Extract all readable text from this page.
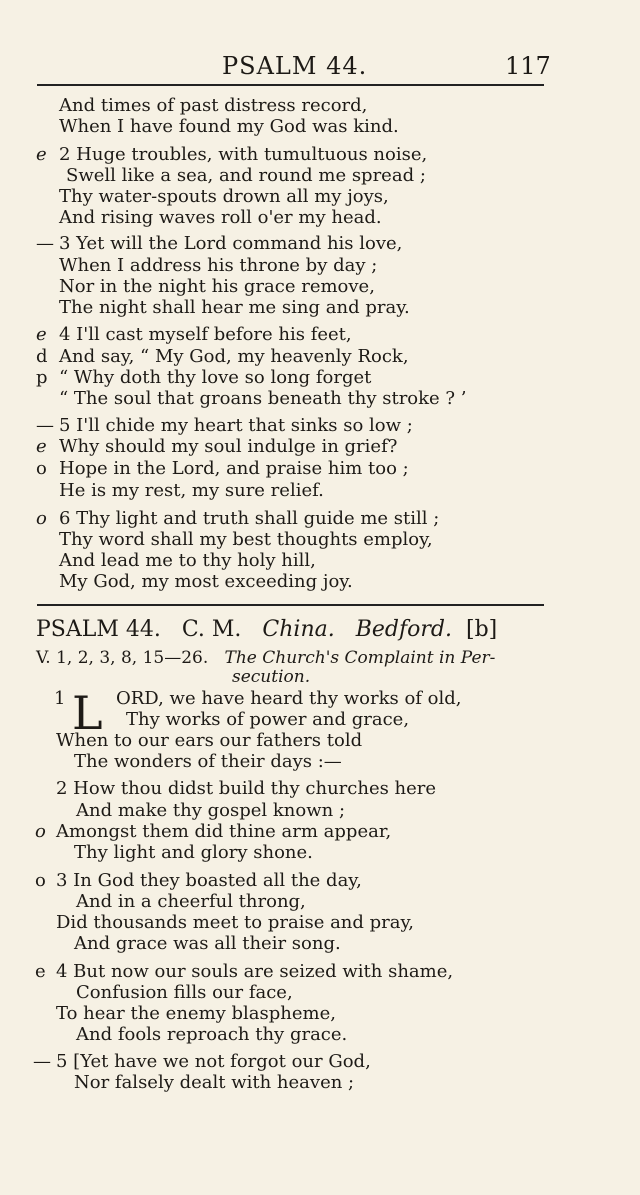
PSALM 44.	117
And times of past distress record,
When I have found my God was kind.
e 2 Huge troubles, with tumultuous noise,
Swell like a sea, and round me spread ;
Thy water-spouts drown all my joys,
And rising waves roll o'er my head.
— 3 Yet will the Lord command his love,
When I address his throne by day ;
Nor in the night his grace remove,
The night shall hear me sing and pray.
e 4 I'll cast myself before his feet,
d And say, “ My God, my heavenly Rock,
p “ Why doth thy love so long forget
“ The soul that groans beneath thy stroke ? ’
— 5 I'll chide my heart that sinks so low ;
e Why should my soul indulge in grief?
o Hope in the Lord, and praise him too ;
He is my rest, my sure relief.
o 6 Thy light and truth shall guide me still ;
Thy word shall my best thoughts employ,
And lead me to thy holy hill,
My God, my most exceeding joy.
PSALM 44. C. M. China. Bedford. [b]
V. 1, 2, 3, 8, 15—26. The Church's Complaint in Per-
secution.
1 L ORD, we have heard thy works of old,
Thy works of power and grace,
When to our ears our fathers told
The wonders of their days :—
2 How thou didst build thy churches here
And make thy gospel known ;
o Amongst them did thine arm appear,
Thy light and glory shone.
o 3 In God they boasted all the day,
And in a cheerful throng,
Did thousands meet to praise and pray,
And grace was all their song.
e 4 But now our souls are seized with shame,
Confusion fills our face,
To hear the enemy blaspheme,
And fools reproach thy grace.
— 5 [Yet have we not forgot our God,
Nor falsely dealt with heaven ;
